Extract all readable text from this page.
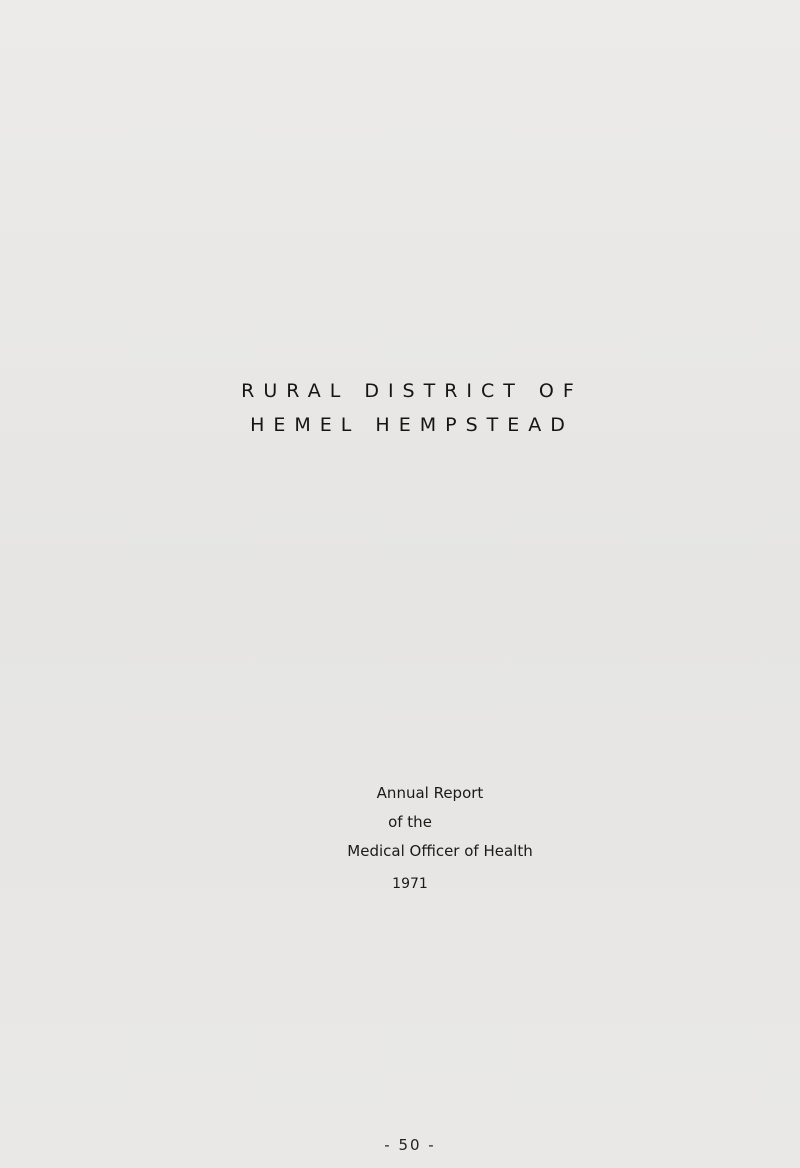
RURAL DISTRICT OF
HEMEL HEMPSTEAD
Annual Report
of the
Medical Officer of Health
1971
- 50 -
